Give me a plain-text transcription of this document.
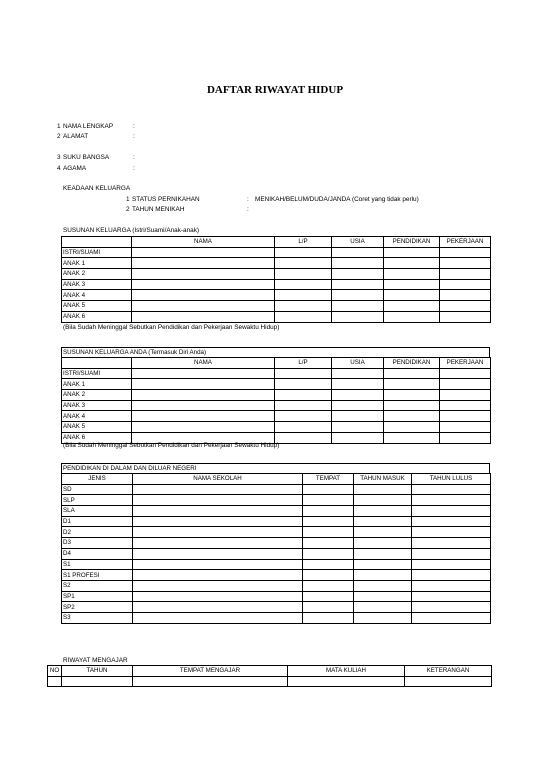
DAFTAR RIWAYAT HIDUP
1 NAMA LENGKAP	:
2 ALAMAT	:
3 SUKU BANGSA	:
4 AGAMA	:
KEADAAN KELUARGA
1 STATUS PERNIKAHAN	: MENIKAH/BELUM/DUDA/JANDA (Coret yang tidak perlu)
2 TAHUN MENIKAH	:
SUSUNAN KELUARGA (Istri/Suami/Anak-anak)
	NAMA	L/P	USIA	PENDIDIKAN	PEKERJAAN
ISTRI/SUAMI					
ANAK 1					
ANAK 2					
ANAK 3					
ANAK 4					
ANAK 5					
ANAK 6					
(Bila Sudah Meninggal Sebutkan Pendidikan dan Pekerjaan Sewaktu Hidup)
SUSUNAN KELUARGA ANDA (Termasuk Diri Anda)
	NAMA	L/P	USIA	PENDIDIKAN	PEKERJAAN
ISTRI/SUAMI					
ANAK 1					
ANAK 2					
ANAK 3					
ANAK 4					
ANAK 5					
ANAK 6					
(Bila Sudah Meninggal Sebutkan Pendidikan dan Pekerjaan Sewaktu Hidup)
PENDIDIKAN DI DALAM DAN DILUAR NEGERI
JENIS	NAMA SEKOLAH	TEMPAT	TAHUN MASUK	TAHUN LULUS
SD				
SLP				
SLA				
D1				
D2				
D3				
D4				
S1				
S1 PROFESI				
S2				
SP1				
SP2				
S3				
RIWAYAT MENGAJAR
NO	TAHUN	TEMPAT MENGAJAR	MATA KULIAH	KETERANGAN
